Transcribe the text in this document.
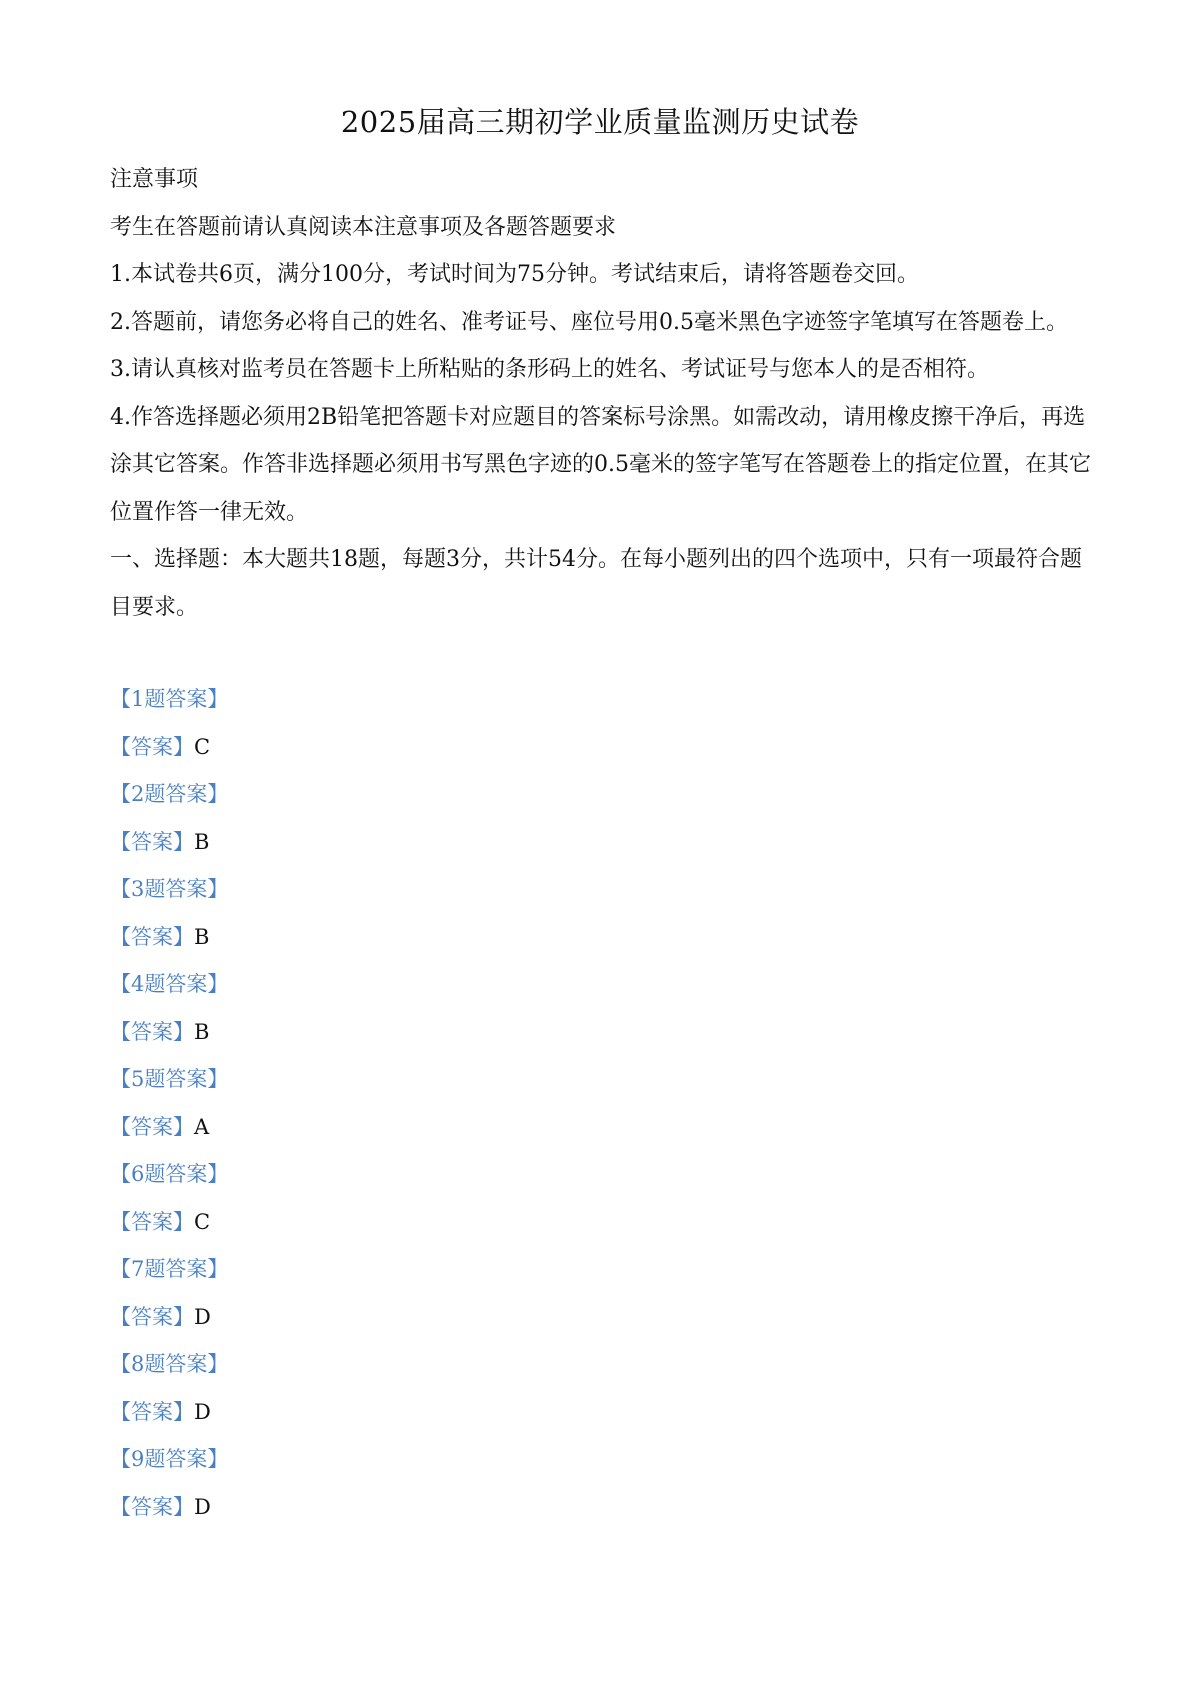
2025届高三期初学业质量监测历史试卷

注意事项

考生在答题前请认真阅读本注意事项及各题答题要求

1.本试卷共6页，满分100分，考试时间为75分钟。考试结束后，请将答题卷交回。

2.答题前，请您务必将自己的姓名、准考证号、座位号用0.5毫米黑色字迹签字笔填写在答题卷上。

3.请认真核对监考员在答题卡上所粘贴的条形码上的姓名、考试证号与您本人的是否相符。

4.作答选择题必须用2B铅笔把答题卡对应题目的答案标号涂黑。如需改动，请用橡皮擦干净后，再选涂其它答案。作答非选择题必须用书写黑色字迹的0.5毫米的签字笔写在答题卷上的指定位置，在其它位置作答一律无效。

一、选择题：本大题共18题，每题3分，共计54分。在每小题列出的四个选项中，只有一项最符合题目要求。

【1题答案】
【答案】C
【2题答案】
【答案】B
【3题答案】
【答案】B
【4题答案】
【答案】B
【5题答案】
【答案】A
【6题答案】
【答案】C
【7题答案】
【答案】D
【8题答案】
【答案】D
【9题答案】
【答案】D
